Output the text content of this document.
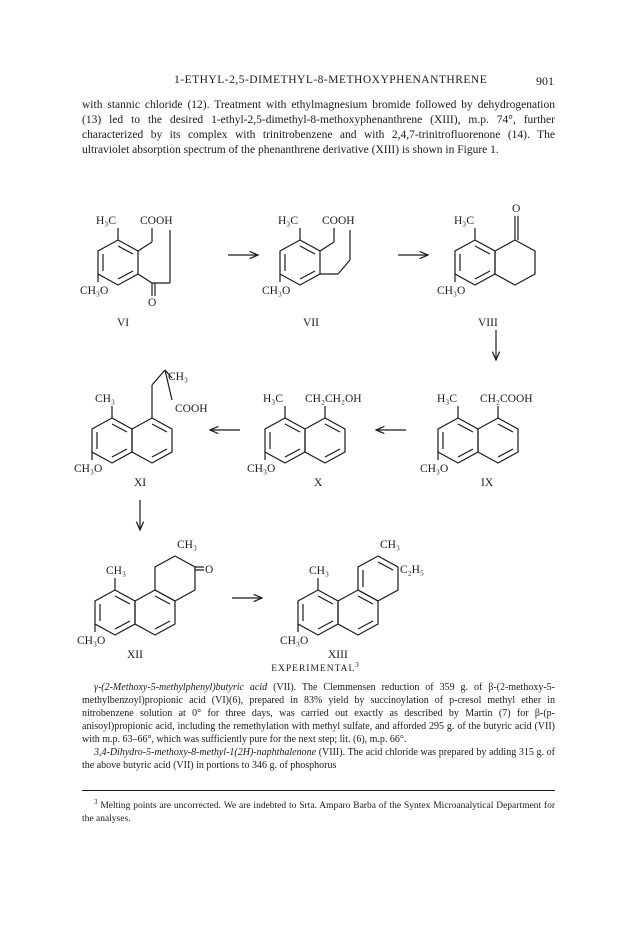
1-ETHYL-2,5-DIMETHYL-8-METHOXYPHENANTHRENE	901

with stannic chloride (12). Treatment with ethylmagnesium bromide followed by dehydrogenation (13) led to the desired 1-ethyl-2,5-dimethyl-8-methoxyphenanthrene (XIII), m.p. 74°, further characterized by its complex with trinitrobenzene and with 2,4,7-trinitrofluorenone (14). The ultraviolet absorption spectrum of the phenanthrene derivative (XIII) is shown in Figure 1.

H₃C COOH
CH₃O
O
VI
H₃C COOH
CH₃O
VII
H₃C
O
CH₃O
VIII
H₃C CH₂COOH
CH₃O
IX
H₃C CH₂CH₂OH
CH₃O
X
CH₃
CH₃
COOH
CH₃O
XI
CH₃
CH₃
O
CH₃O
XII
CH₃
CH₃
C₂H₅
CH₃O
XIII
EXPERIMENTAL$^3$

γ-(2-Methoxy-5-methylphenyl)butyric acid (VII). The Clemmensen reduction of 359 g. of β-(2-methoxy-5-methylbenzoyl)propionic acid (VI)(6), prepared in 83% yield by succinoylation of p-cresol methyl ether in nitrobenzene solution at 0° for three days, was carried out exactly as described by Martin (7) for β-(p-anisoyl)propionic acid, including the remethylation with methyl sulfate, and afforded 295 g. of the butyric acid (VII) with m.p. 63–66°, which was sufficiently pure for the next step; lit. (6), m.p. 66°.

3,4-Dihydro-5-methoxy-8-methyl-1(2H)-naphthalenone (VIII). The acid chloride was prepared by adding 315 g. of the above butyric acid (VII) in portions to 346 g. of phosphorus

$^3$ Melting points are uncorrected. We are indebted to Srta. Amparo Barba of the Syntex Microanalytical Department for the analyses.
